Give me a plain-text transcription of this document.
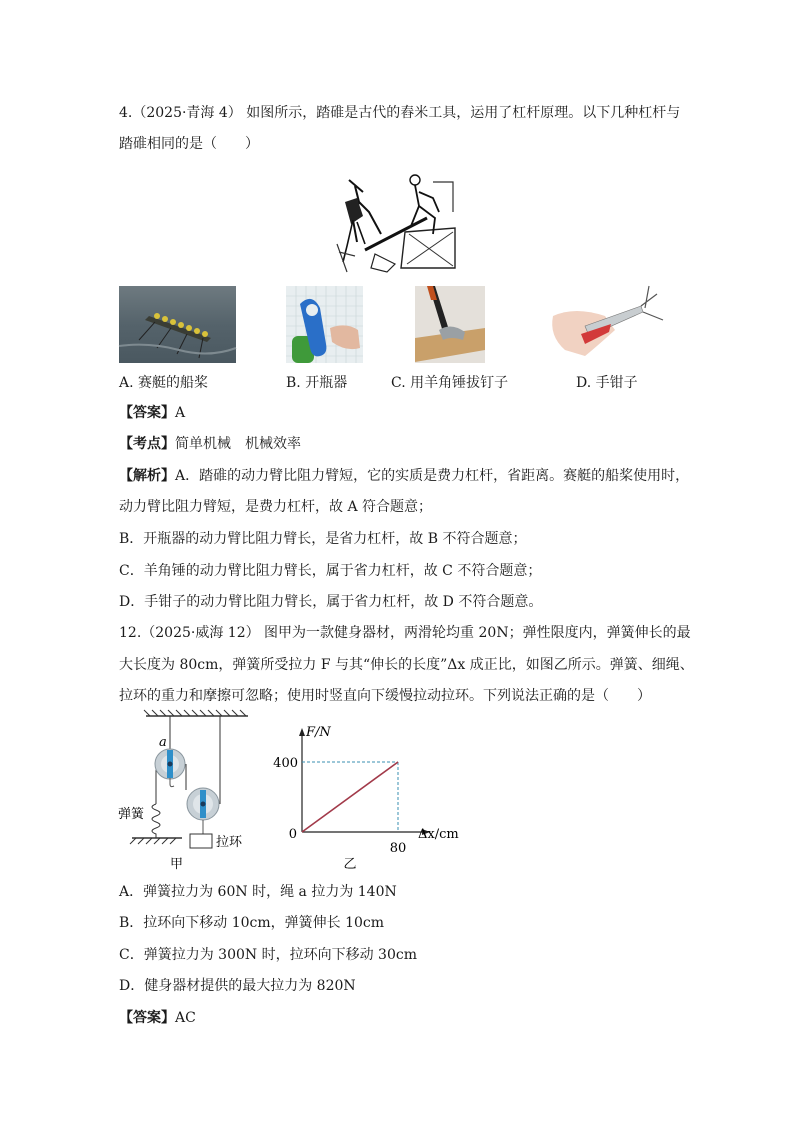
4.（2025·青海 4） 如图所示，踏碓是古代的舂米工具，运用了杠杆原理。以下几种杠杆与
踏碓相同的是（　　）
A. 赛艇的船桨	B. 开瓶器	C. 用羊角锤拔钉子	D. 手钳子
【答案】A
【考点】简单机械　机械效率
【解析】A．踏碓的动力臂比阻力臂短，它的实质是费力杠杆，省距离。赛艇的船桨使用时，
动力臂比阻力臂短，是费力杠杆，故 A 符合题意；
B．开瓶器的动力臂比阻力臂长，是省力杠杆，故 B 不符合题意；
C．羊角锤的动力臂比阻力臂长，属于省力杠杆，故 C 不符合题意；
D．手钳子的动力臂比阻力臂长，属于省力杠杆，故 D 不符合题意。
12.（2025·威海 12） 图甲为一款健身器材，两滑轮均重 20N；弹性限度内，弹簧伸长的最
大长度为 80cm，弹簧所受拉力 F 与其“伸长的长度”Δx 成正比，如图乙所示。弹簧、细绳、
拉环的重力和摩擦可忽略；使用时竖直向下缓慢拉动拉环。下列说法正确的是（　　）
a
弹簧
拉环
甲
F/N
Δx/cm
400
0
80
乙
A．弹簧拉力为 60N 时，绳 a 拉力为 140N
B．拉环向下移动 10cm，弹簧伸长 10cm
C．弹簧拉力为 300N 时，拉环向下移动 30cm
D．健身器材提供的最大拉力为 820N
【答案】AC
